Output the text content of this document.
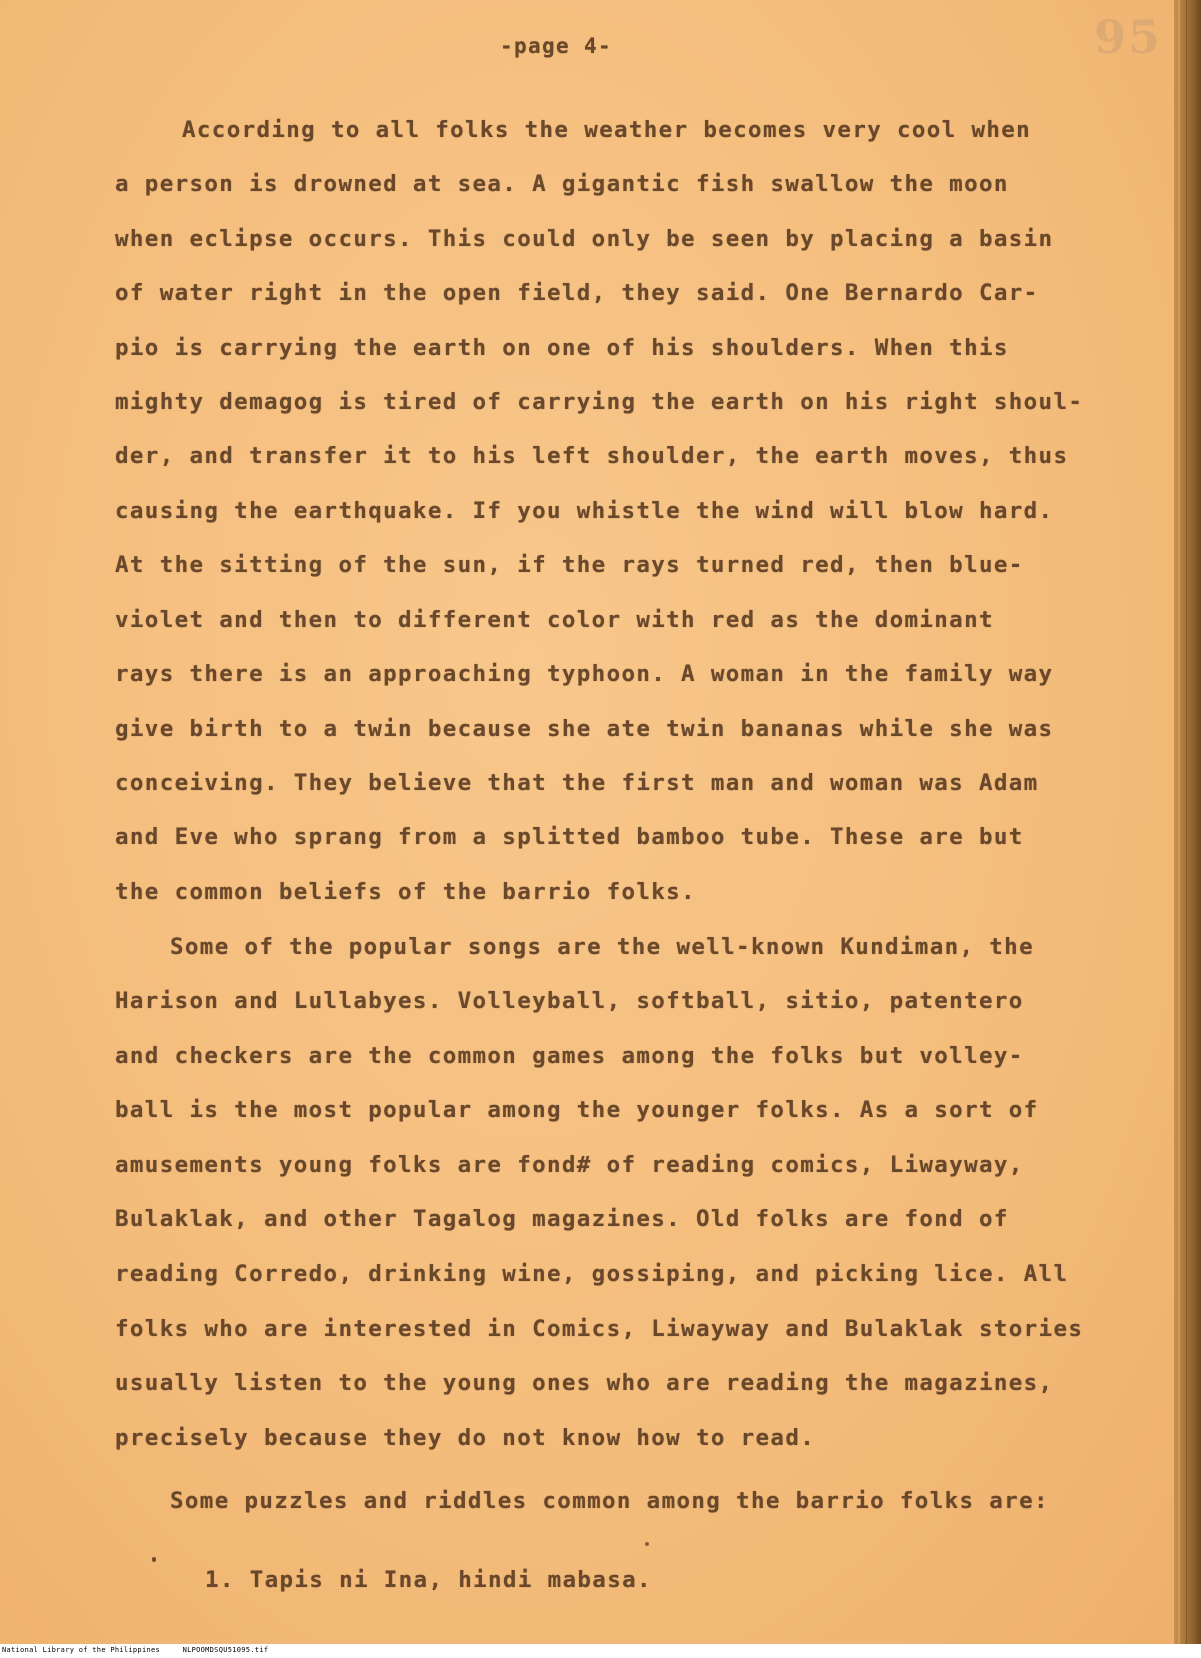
-page 4-	95
According to all folks the weather becomes very cool when
a person is drowned at sea. A gigantic fish swallow the moon
when eclipse occurs. This could only be seen by placing a basin
of water right in the open field, they said. One Bernardo Car-
pio is carrying the earth on one of his shoulders. When this
mighty demagog is tired of carrying the earth on his right shoul-
der, and transfer it to his left shoulder, the earth moves, thus
causing the earthquake. If you whistle the wind will blow hard.
At the sitting of the sun, if the rays turned red, then blue-
violet and then to different color with red as the dominant
rays there is an approaching typhoon. A woman in the family way
give birth to a twin because she ate twin bananas while she was
conceiving. They believe that the first man and woman was Adam
and Eve who sprang from a splitted bamboo tube. These are but
the common beliefs of the barrio folks.
Some of the popular songs are the well-known Kundiman, the
Harison and Lullabyes. Volleyball, softball, sitio, patentero
and checkers are the common games among the folks but volley-
ball is the most popular among the younger folks. As a sort of
amusements young folks are fond# of reading comics, Liwayway,
Bulaklak, and other Tagalog magazines. Old folks are fond of
reading Corredo, drinking wine, gossiping, and picking lice. All
folks who are interested in Comics, Liwayway and Bulaklak stories
usually listen to the young ones who are reading the magazines,
precisely because they do not know how to read.
Some puzzles and riddles common among the barrio folks are:
1. Tapis ni Ina, hindi mabasa.
National Library of the Philippines     NLPOOMDSQU51095.tif
